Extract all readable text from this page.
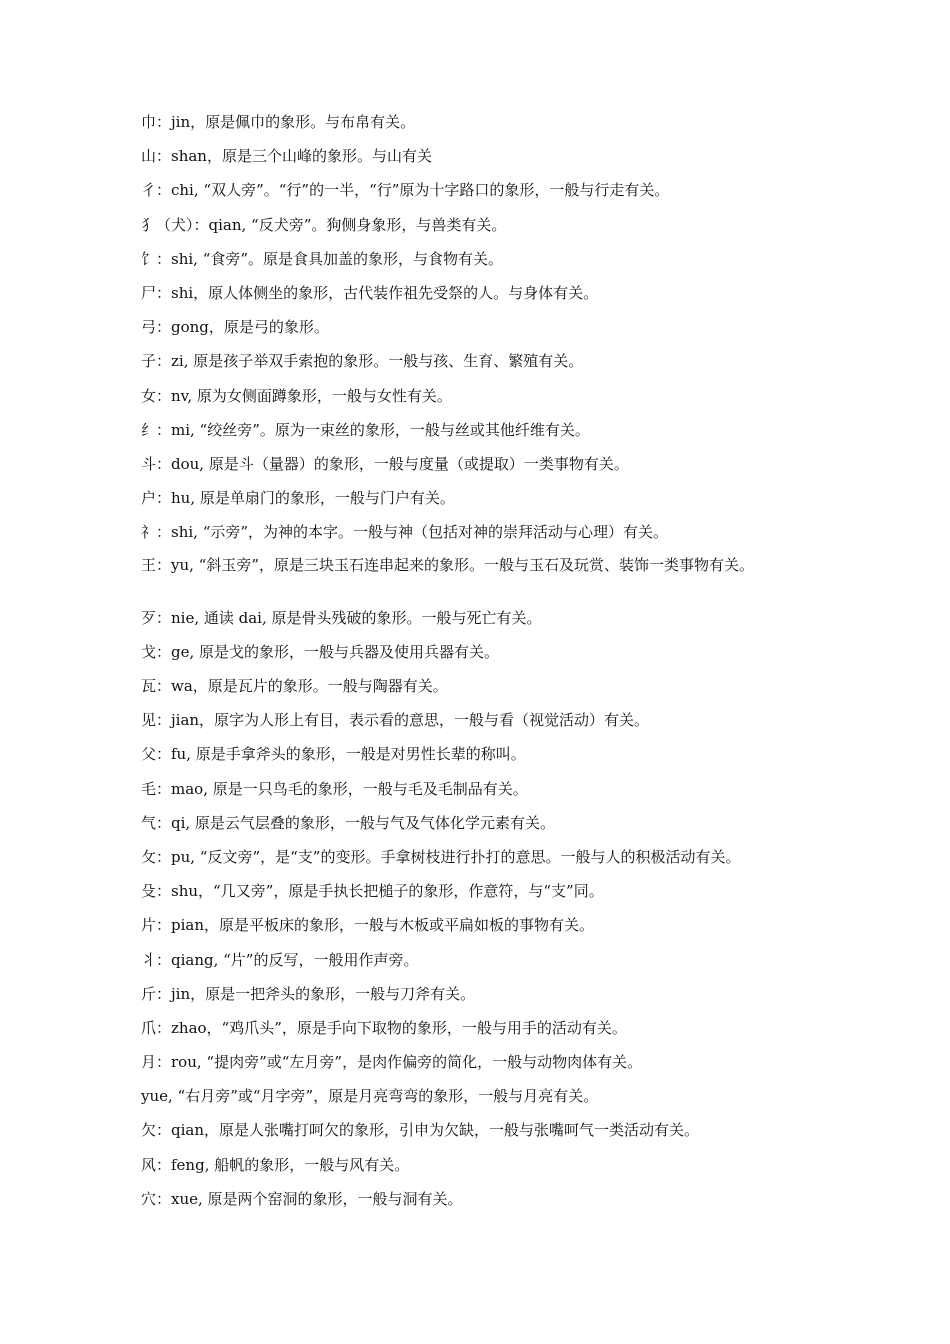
巾：jin，原是佩巾的象形。与布帛有关。

山：shan，原是三个山峰的象形。与山有关

彳：chi, “双人旁”。“行”的一半，“行”原为十字路口的象形，一般与行走有关。

犭（犬）：qian, “反犬旁”。狗侧身象形，与兽类有关。

饣：shi, “食旁”。原是食具加盖的象形，与食物有关。

尸：shi，原人体侧坐的象形，古代装作祖先受祭的人。与身体有关。

弓：gong，原是弓的象形。

子：zi, 原是孩子举双手索抱的象形。一般与孩、生育、繁殖有关。

女：nv, 原为女侧面蹲象形，一般与女性有关。

纟：mi, “绞丝旁”。原为一束丝的象形，一般与丝或其他纤维有关。

斗：dou, 原是斗（量器）的象形，一般与度量（或提取）一类事物有关。

户：hu, 原是单扇门的象形，一般与门户有关。

礻：shi, “示旁”，为神的本字。一般与神（包括对神的崇拜活动与心理）有关。

王：yu, “斜玉旁”，原是三块玉石连串起来的象形。一般与玉石及玩赏、装饰一类事物有关。

歹：nie, 通读 dai, 原是骨头残破的象形。一般与死亡有关。

戈：ge, 原是戈的象形，一般与兵器及使用兵器有关。

瓦：wa，原是瓦片的象形。一般与陶器有关。

见：jian，原字为人形上有目，表示看的意思，一般与看（视觉活动）有关。

父：fu, 原是手拿斧头的象形，一般是对男性长辈的称叫。

毛：mao, 原是一只鸟毛的象形，一般与毛及毛制品有关。

气：qi, 原是云气层叠的象形，一般与气及气体化学元素有关。

攵：pu, “反文旁”，是“支”的变形。手拿树枝进行扑打的意思。一般与人的积极活动有关。

殳：shu，“几又旁”，原是手执长把槌子的象形，作意符，与“支”同。

片：pian，原是平板床的象形，一般与木板或平扁如板的事物有关。

丬：qiang, “片”的反写，一般用作声旁。

斤：jin，原是一把斧头的象形，一般与刀斧有关。

爪：zhao，“鸡爪头”，原是手向下取物的象形，一般与用手的活动有关。

月：rou, “提肉旁”或“左月旁”，是肉作偏旁的简化，一般与动物肉体有关。

yue, “右月旁”或“月字旁”，原是月亮弯弯的象形，一般与月亮有关。

欠：qian，原是人张嘴打呵欠的象形，引申为欠缺，一般与张嘴呵气一类活动有关。

风：feng, 船帆的象形，一般与风有关。

穴：xue, 原是两个窑洞的象形，一般与洞有关。
